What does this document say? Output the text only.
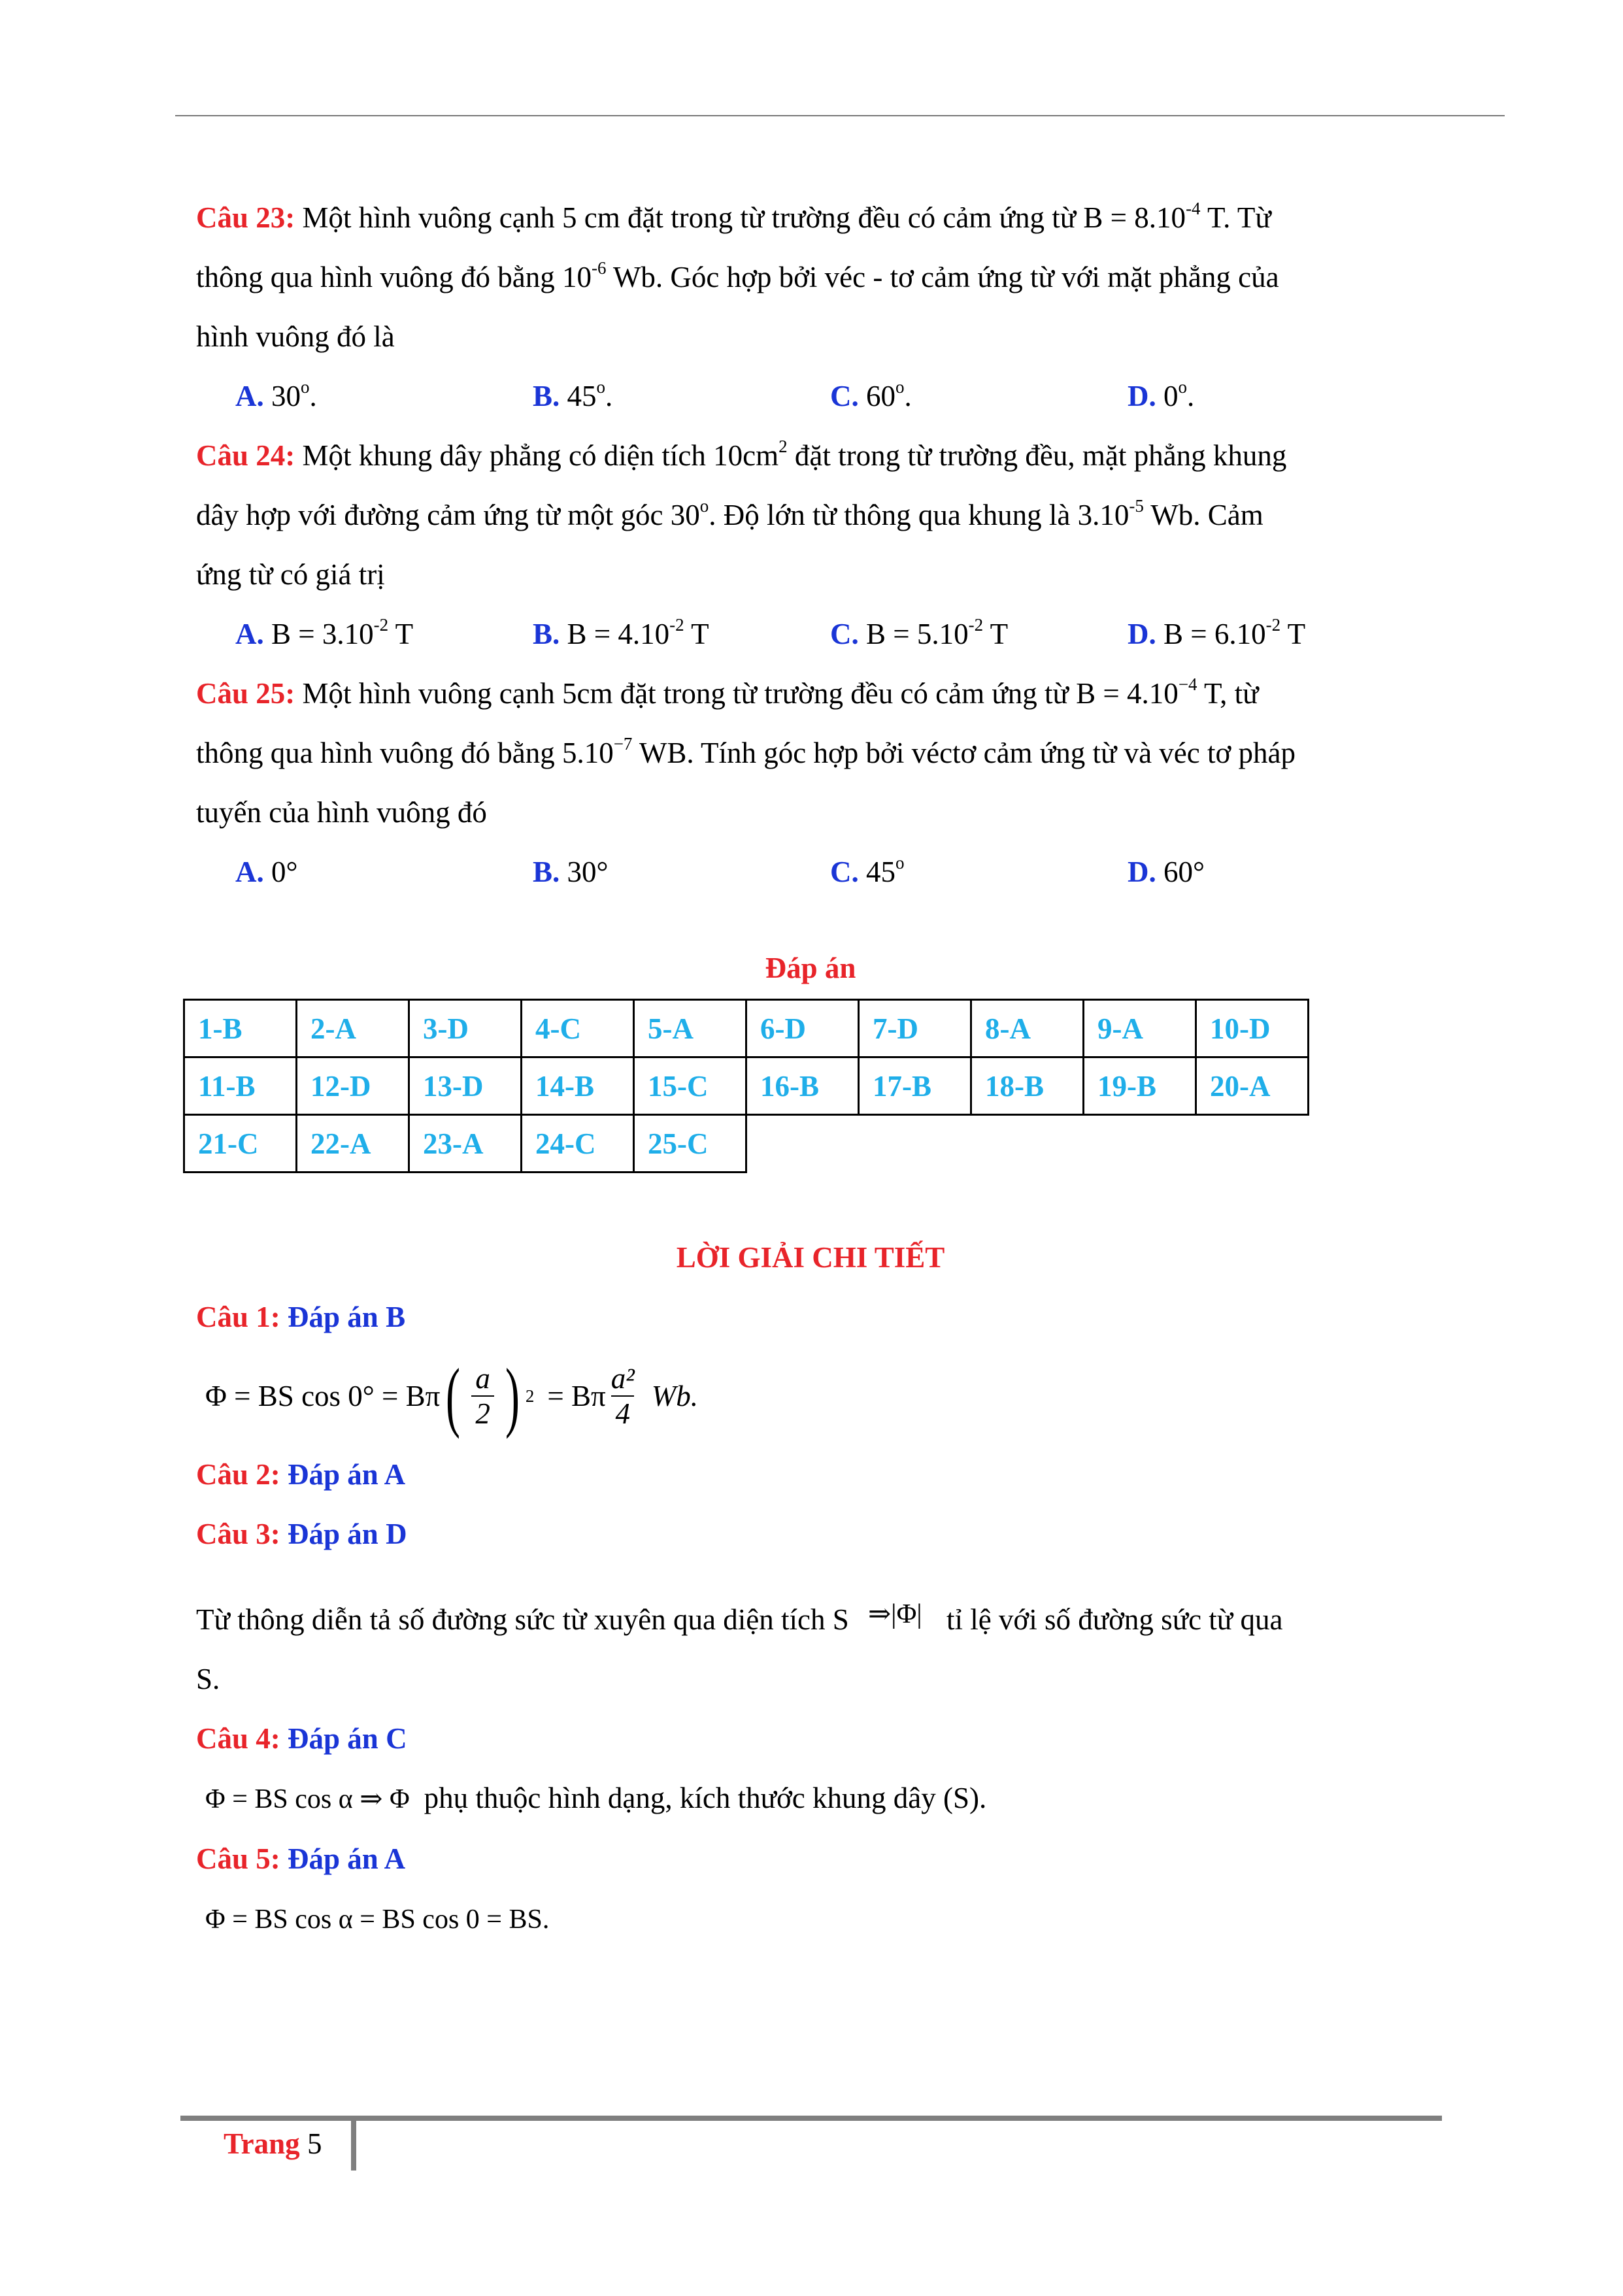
Câu 23: Một hình vuông cạnh 5 cm đặt trong từ trường đều có cảm ứng từ $B = 8.10^{-4}$ T. Từ
thông qua hình vuông đó bằng $10^{-6}$ Wb. Góc hợp bởi véc - tơ cảm ứng từ với mặt phẳng của
hình vuông đó là
A. 30$^o$.	B. 45$^o$.	C. 60$^o$.	D. 0$^o$.
Câu 24: Một khung dây phẳng có diện tích $10cm^2$ đặt trong từ trường đều, mặt phẳng khung
dây hợp với đường cảm ứng từ một góc 30$^o$. Độ lớn từ thông qua khung là $3.10^{-5}$ Wb. Cảm
ứng từ có giá trị
A. $B = 3.10^{-2}$ T	B. $B = 4.10^{-2}$ T	C. $B = 5.10^{-2}$ T	D. $B = 6.10^{-2}$ T
Câu 25: Một hình vuông cạnh 5cm đặt trong từ trường đều có cảm ứng từ $B = 4.10^{-4}$ T, từ
thông qua hình vuông đó bằng $5.10^{-7}$ WB. Tính góc hợp bởi véctơ cảm ứng từ và véc tơ pháp
tuyến của hình vuông đó
A. 0°	B. 30°	C. 45$^o$	D. 60°
Đáp án
1-B	2-A	3-D	4-C	5-A	6-D	7-D	8-A	9-A	10-D
11-B	12-D	13-D	14-B	15-C	16-B	17-B	18-B	19-B	20-A
21-C	22-A	23-A	24-C	25-C					
LỜI GIẢI CHI TIẾT
Câu 1: Đáp án B
Φ = BS cos 0° = Bπ ( $\frac{a}{2}$ ) 2 = Bπ $\frac{\text{a²}}{4} Wb$.
Câu 2: Đáp án A
Câu 3: Đáp án D
Từ thông diễn tả số đường sức từ xuyên qua diện tích S ⇒|Φ| tỉ lệ với số đường sức từ qua
S.
Câu 4: Đáp án C
Φ = BS cos α ⇒ Φ phụ thuộc hình dạng, kích thước khung dây (S).
Câu 5: Đáp án A
Φ = BS cos α = BS cos 0 = BS.
Trang 5
